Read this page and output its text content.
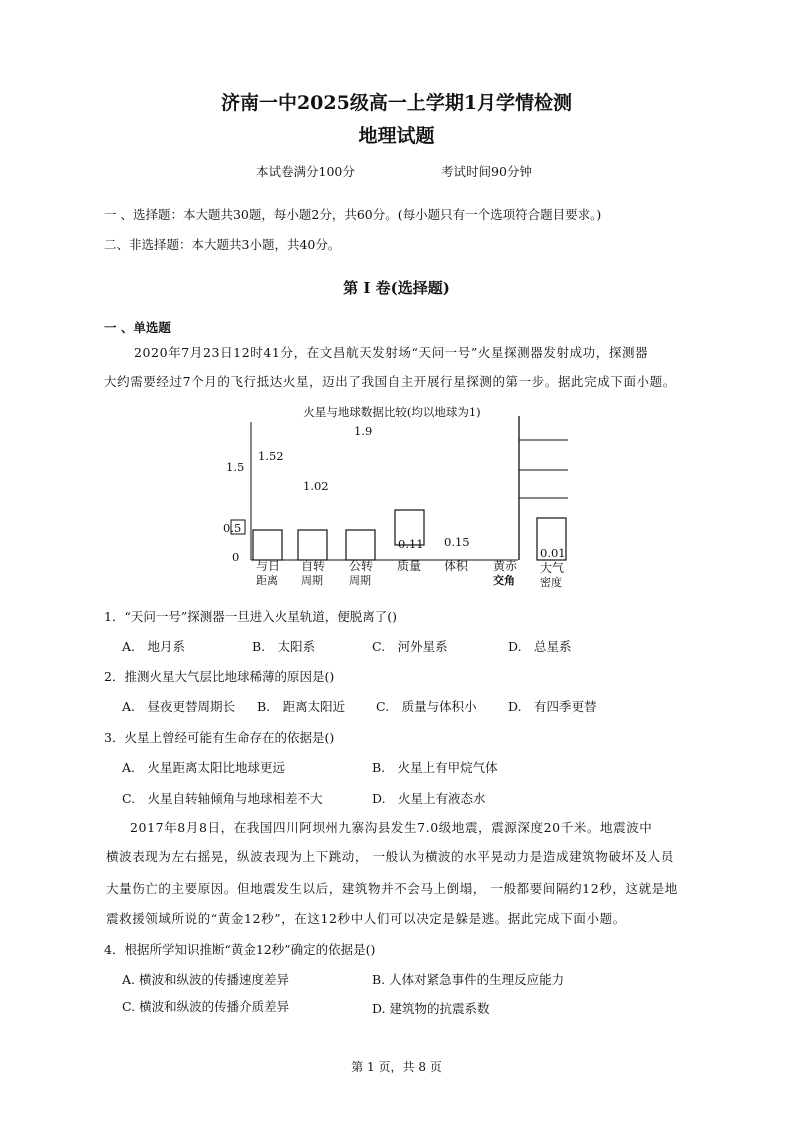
济南一中2025级高一上学期1月学情检测
地理试题
本试卷满分100分	考试时间90分钟
一 、选择题：本大题共30题，每小题2分，共60分。(每小题只有一个选项符合题目要求。)
二、非选择题：本大题共3小题，共40分。
第 I 卷(选择题)
一 、单选题
2020年7月23日12时41分，在文昌航天发射场“天问一号”火星探测器发射成功，探测器
大约需要经过7个月的飞行抵达火星，迈出了我国自主开展行星探测的第一步。据此完成下面小题。
火星与地球数据比较(均以地球为1)
1.5
0.5
0
1.52
1.02
1.9
0.11 0.15
0.01
与日
距离
自转
周期
公转
周期
质量 体积 黄赤
交角
大气
密度
1．“天问一号”探测器一旦进入火星轨道，便脱离了()
A.　地月系	B.　太阳系	C.　河外星系	D.　总星系
2．推测火星大气层比地球稀薄的原因是()
A.　昼夜更替周期长 B.　距离太阳近 C.　质量与体积小	D.　有四季更替
3．火星上曾经可能有生命存在的依据是()
A.　火星距离太阳比地球更远	B.　火星上有甲烷气体
C.　火星自转轴倾角与地球相差不大	D.　火星上有液态水
2017年8月8日，在我国四川阿坝州九寨沟县发生7.0级地震，震源深度20千米。地震波中
横波表现为左右摇晃，纵波表现为上下跳动， 一般认为横波的水平晃动力是造成建筑物破坏及人员
大量伤亡的主要原因。但地震发生以后，建筑物并不会马上倒塌， 一般都要间隔约12秒，这就是地
震救援领域所说的“黄金12秒”，在这12秒中人们可以决定是躲是逃。据此完成下面小题。
4．根据所学知识推断“黄金12秒”确定的依据是()
A. 横波和纵波的传播速度差异	B. 人体对紧急事件的生理反应能力
C. 横波和纵波的传播介质差异	D. 建筑物的抗震系数
第 1 页，共 8 页
